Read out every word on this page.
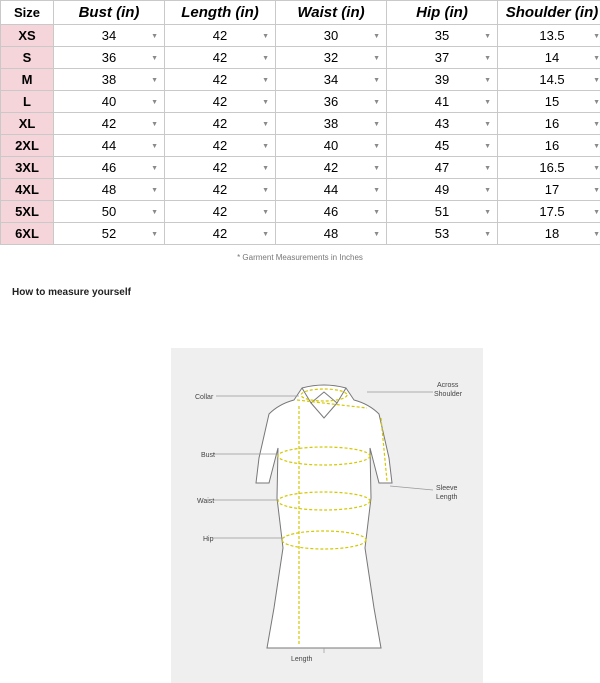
Size	Bust (in)	Length (in)	Waist (in)	Hip (in)	Shoulder (in)
XS	34 ▼	42 ▼	30 ▼	35 ▼	13.5 ▼

S	36 ▼	42 ▼	32 ▼	37 ▼	14 ▼

M	38 ▼	42 ▼	34 ▼	39 ▼	14.5 ▼

L	40 ▼	42 ▼	36 ▼	41 ▼	15 ▼

XL	42 ▼	42 ▼	38 ▼	43 ▼	16 ▼

2XL	44 ▼	42 ▼	40 ▼	45 ▼	16 ▼

3XL	46 ▼	42 ▼	42 ▼	47 ▼	16.5 ▼

4XL	48 ▼	42 ▼	44 ▼	49 ▼	17 ▼

5XL	50 ▼	42 ▼	46 ▼	51 ▼	17.5 ▼

6XL	52 ▼	42 ▼	48 ▼	53 ▼	18 ▼
* Garment Measurements in Inches
How to measure yourself
Collar
Bust
Waist
Hip
Across
Shoulder
Sleeve
Length
Length
